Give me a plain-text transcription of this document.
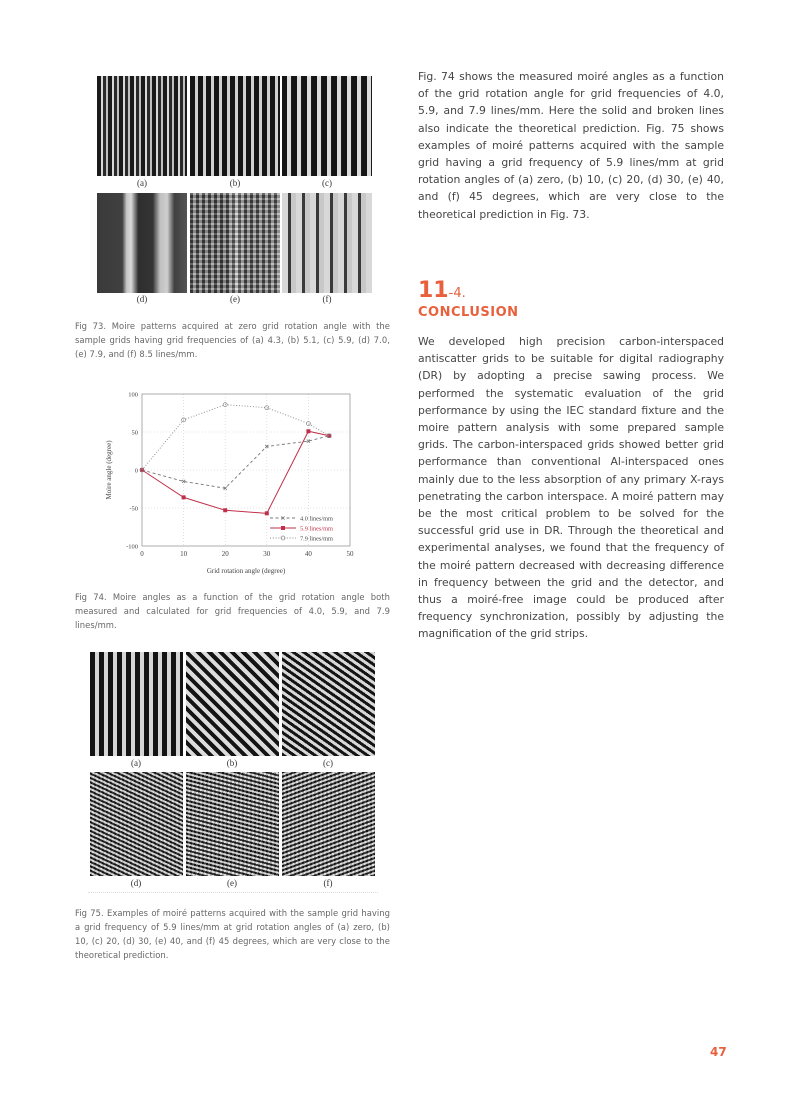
(a)	(b)	(c)
(d)	(e)	(f)

Fig 73. Moire patterns acquired at zero grid rotation angle with the sample grids having grid frequencies of (a) 4.3, (b) 5.1, (c) 5.9, (d) 7.0, (e) 7.9, and (f) 8.5 lines/mm.

0	10	20	30	40	50
-100
-50
0
50
100
4.0 lines/mm
5.9 lines/mm
7.9 lines/mm
Grid rotation angle (degree)
Moire angle (degree)

Fig 74. Moire angles as a function of the grid rotation angle both measured and calculated for grid frequencies of 4.0, 5.9, and 7.9 lines/mm.

(a)	(b)	(c)
(d)	(e)	(f)

Fig 75. Examples of moiré patterns acquired with the sample grid having a grid frequency of 5.9 lines/mm at grid rotation angles of (a) zero, (b) 10, (c) 20, (d) 30, (e) 40, and (f) 45 degrees, which are very close to the theoretical prediction.

Fig. 74 shows the measured moiré angles as a function of the grid rotation angle for grid frequencies of 4.0, 5.9, and 7.9 lines/mm. Here the solid and broken lines also indicate the theoretical prediction. Fig. 75 shows examples of moiré patterns acquired with the sample grid having a grid frequency of 5.9 lines/mm at grid rotation angles of (a) zero, (b) 10, (c) 20, (d) 30, (e) 40, and (f) 45 degrees, which are very close to the theoretical prediction in Fig. 73.

11-4.
CONCLUSION

We developed high precision carbon-interspaced antiscatter grids to be suitable for digital radiography (DR) by adopting a precise sawing process. We performed the systematic evaluation of the grid performance by using the IEC standard fixture and the moire pattern analysis with some prepared sample grids. The carbon-interspaced grids showed better grid performance than conventional Al-interspaced ones mainly due to the less absorption of any primary X-rays penetrating the carbon interspace. A moiré pattern may be the most critical problem to be solved for the successful grid use in DR. Through the theoretical and experimental analyses, we found that the frequency of the moiré pattern decreased with decreasing difference in frequency between the grid and the detector, and thus a moiré-free image could be produced after frequency synchronization, possibly by adjusting the magnification of the grid strips.

47
